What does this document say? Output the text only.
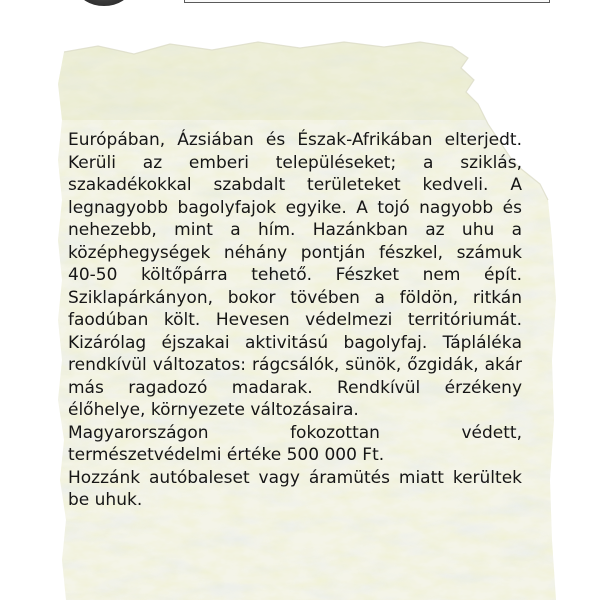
Európában, Ázsiában és Észak-Afrikában elterjedt. Kerüli az emberi településeket; a sziklás, szakadékokkal szabdalt területeket kedveli. A legnagyobb bagolyfajok egyike. A tojó nagyobb és nehezebb, mint a hím. Hazánkban az uhu a középhegységek néhány pontján fészkel, számuk 40-50 költőpárra tehető. Fészket nem épít. Sziklapárkányon, bokor tövében a földön, ritkán faodúban költ. Hevesen védelmezi territóriumát. Kizárólag éjszakai aktivitású bagolyfaj. Táplálékа rendkívül változatos: rágcsálók, sünök, őzgidák, akár más ragadozó madarak. Rendkívül érzékeny élőhelye, környezete változásaira.
Magyarországon fokozottan védett, természetvédelmi értéke 500 000 Ft.
Hozzánk autóbaleset vagy áramütés miatt kerültek be uhuk.
